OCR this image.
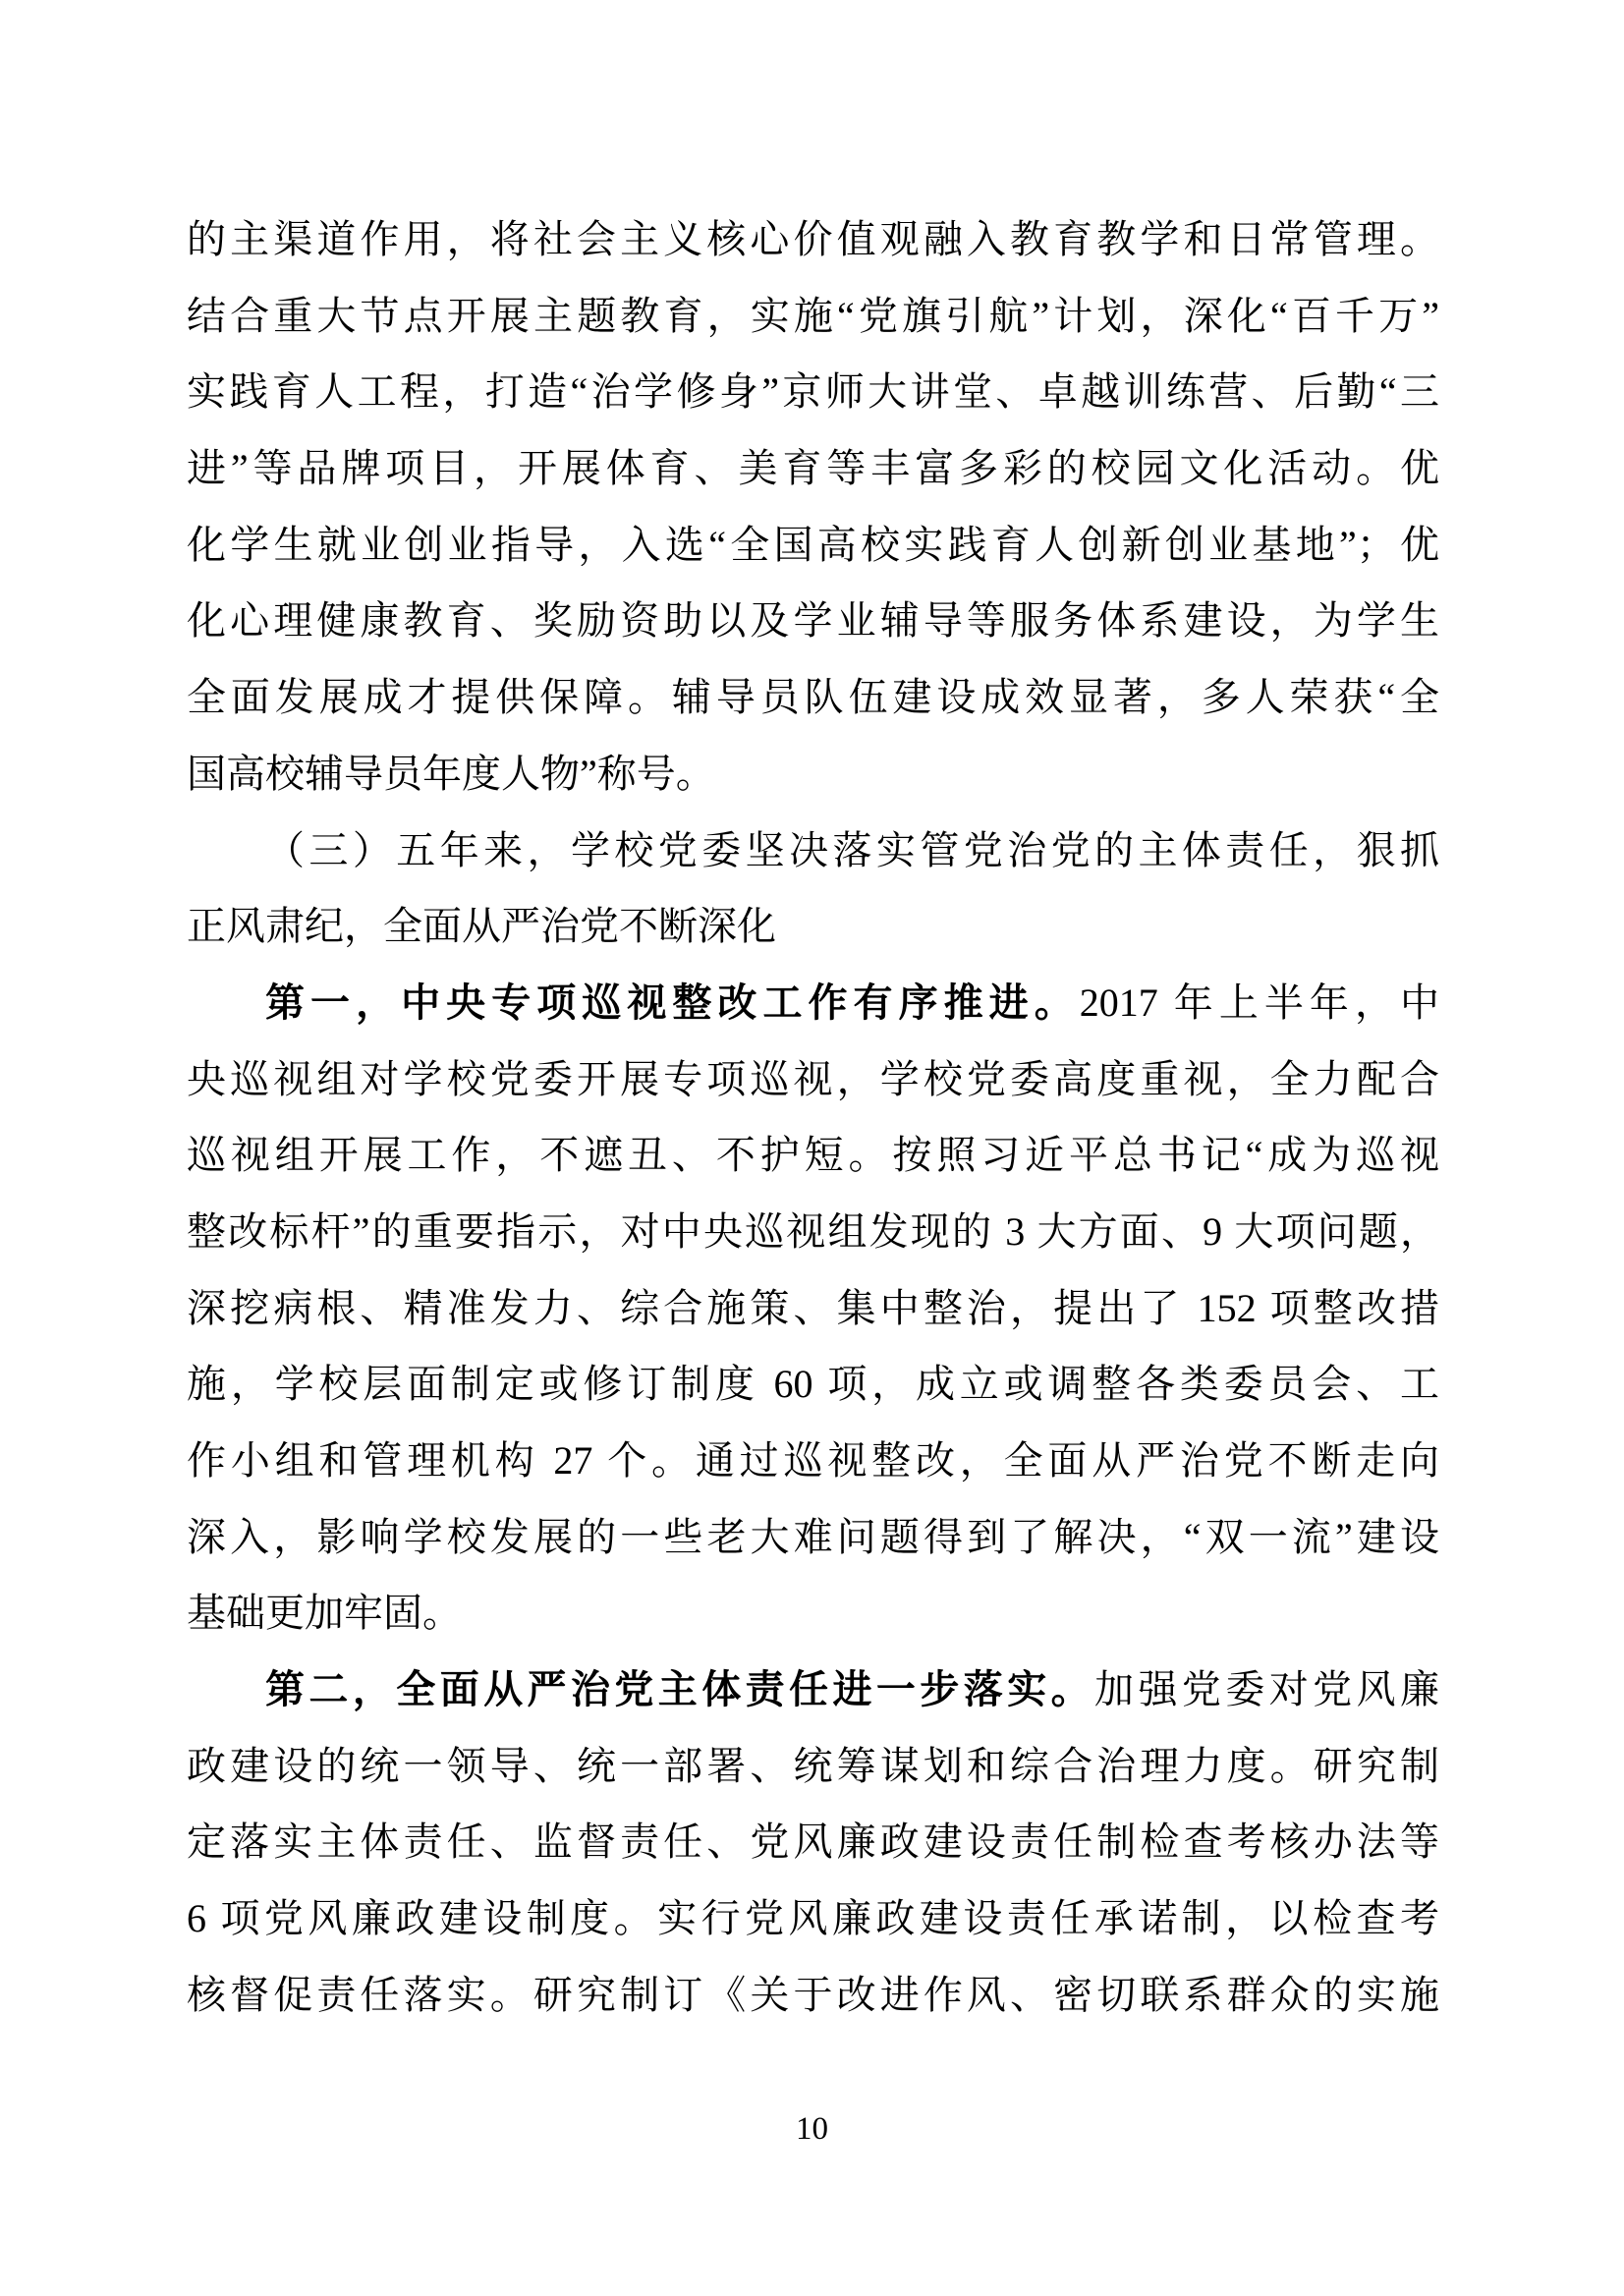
的主渠道作用，将社会主义核心价值观融入教育教学和日常管理。
结合重大节点开展主题教育，实施“党旗引航”计划，深化“百千万”
实践育人工程，打造“治学修身”京师大讲堂、卓越训练营、后勤“三
进”等品牌项目，开展体育、美育等丰富多彩的校园文化活动。优
化学生就业创业指导，入选“全国高校实践育人创新创业基地”；优
化心理健康教育、奖励资助以及学业辅导等服务体系建设，为学生
全面发展成才提供保障。辅导员队伍建设成效显著，多人荣获“全
国高校辅导员年度人物”称号。
（三）五年来，学校党委坚决落实管党治党的主体责任，狠抓
正风肃纪，全面从严治党不断深化
第一，中央专项巡视整改工作有序推进。2017 年上半年，中
央巡视组对学校党委开展专项巡视，学校党委高度重视，全力配合
巡视组开展工作，不遮丑、不护短。按照习近平总书记“成为巡视
整改标杆”的重要指示，对中央巡视组发现的 3 大方面、9 大项问题，
深挖病根、精准发力、综合施策、集中整治，提出了 152 项整改措
施，学校层面制定或修订制度 60 项，成立或调整各类委员会、工
作小组和管理机构 27 个。通过巡视整改，全面从严治党不断走向
深入，影响学校发展的一些老大难问题得到了解决，“双一流”建设
基础更加牢固。
第二，全面从严治党主体责任进一步落实。加强党委对党风廉
政建设的统一领导、统一部署、统筹谋划和综合治理力度。研究制
定落实主体责任、监督责任、党风廉政建设责任制检查考核办法等
6 项党风廉政建设制度。实行党风廉政建设责任承诺制，以检查考
核督促责任落实。研究制订《关于改进作风、密切联系群众的实施
10
